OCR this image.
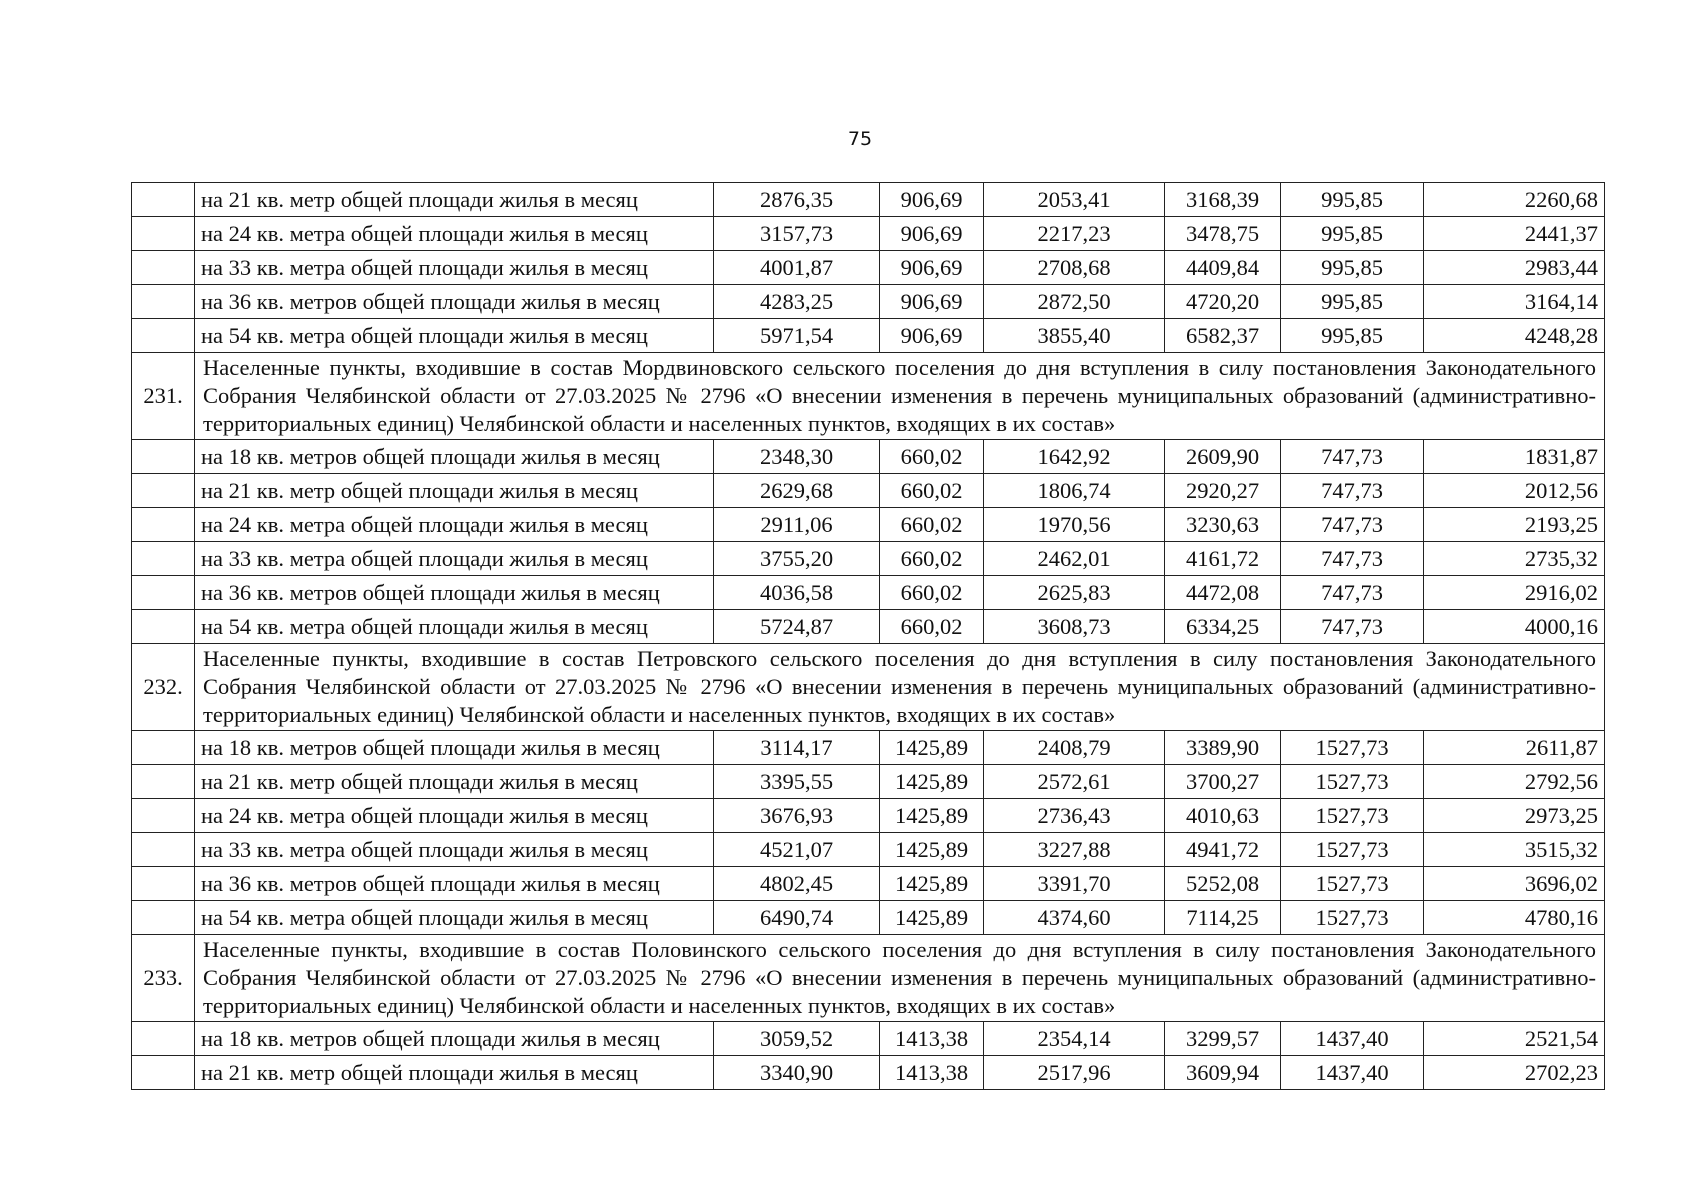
75
	на 21 кв. метр общей площади жилья в месяц	2876,35	906,69	2053,41	3168,39	995,85	2260,68
	на 24 кв. метра общей площади жилья в месяц	3157,73	906,69	2217,23	3478,75	995,85	2441,37
	на 33 кв. метра общей площади жилья в месяц	4001,87	906,69	2708,68	4409,84	995,85	2983,44
	на 36 кв. метров общей площади жилья в месяц	4283,25	906,69	2872,50	4720,20	995,85	3164,14
	на 54 кв. метра общей площади жилья в месяц	5971,54	906,69	3855,40	6582,37	995,85	4248,28
231.	Населенные пункты, входившие в состав Мордвиновского сельского поселения до дня вступления в силу постановления Законодательного Собрания Челябинской области от 27.03.2025 № 2796 «О внесении изменения в перечень муниципальных образований (административно-территориальных единиц) Челябинской области и населенных пунктов, входящих в их состав»						
	на 18 кв. метров общей площади жилья в месяц	2348,30	660,02	1642,92	2609,90	747,73	1831,87
	на 21 кв. метр общей площади жилья в месяц	2629,68	660,02	1806,74	2920,27	747,73	2012,56
	на 24 кв. метра общей площади жилья в месяц	2911,06	660,02	1970,56	3230,63	747,73	2193,25
	на 33 кв. метра общей площади жилья в месяц	3755,20	660,02	2462,01	4161,72	747,73	2735,32
	на 36 кв. метров общей площади жилья в месяц	4036,58	660,02	2625,83	4472,08	747,73	2916,02
	на 54 кв. метра общей площади жилья в месяц	5724,87	660,02	3608,73	6334,25	747,73	4000,16
232.	Населенные пункты, входившие в состав Петровского сельского поселения до дня вступления в силу постановления Законодательного Собрания Челябинской области от 27.03.2025 № 2796 «О внесении изменения в перечень муниципальных образований (административно-территориальных единиц) Челябинской области и населенных пунктов, входящих в их состав»						
	на 18 кв. метров общей площади жилья в месяц	3114,17	1425,89	2408,79	3389,90	1527,73	2611,87
	на 21 кв. метр общей площади жилья в месяц	3395,55	1425,89	2572,61	3700,27	1527,73	2792,56
	на 24 кв. метра общей площади жилья в месяц	3676,93	1425,89	2736,43	4010,63	1527,73	2973,25
	на 33 кв. метра общей площади жилья в месяц	4521,07	1425,89	3227,88	4941,72	1527,73	3515,32
	на 36 кв. метров общей площади жилья в месяц	4802,45	1425,89	3391,70	5252,08	1527,73	3696,02
	на 54 кв. метра общей площади жилья в месяц	6490,74	1425,89	4374,60	7114,25	1527,73	4780,16
233.	Населенные пункты, входившие в состав Половинского сельского поселения до дня вступления в силу постановления Законодательного Собрания Челябинской области от 27.03.2025 № 2796 «О внесении изменения в перечень муниципальных образований (административно-территориальных единиц) Челябинской области и населенных пунктов, входящих в их состав»						
	на 18 кв. метров общей площади жилья в месяц	3059,52	1413,38	2354,14	3299,57	1437,40	2521,54
	на 21 кв. метр общей площади жилья в месяц	3340,90	1413,38	2517,96	3609,94	1437,40	2702,23
